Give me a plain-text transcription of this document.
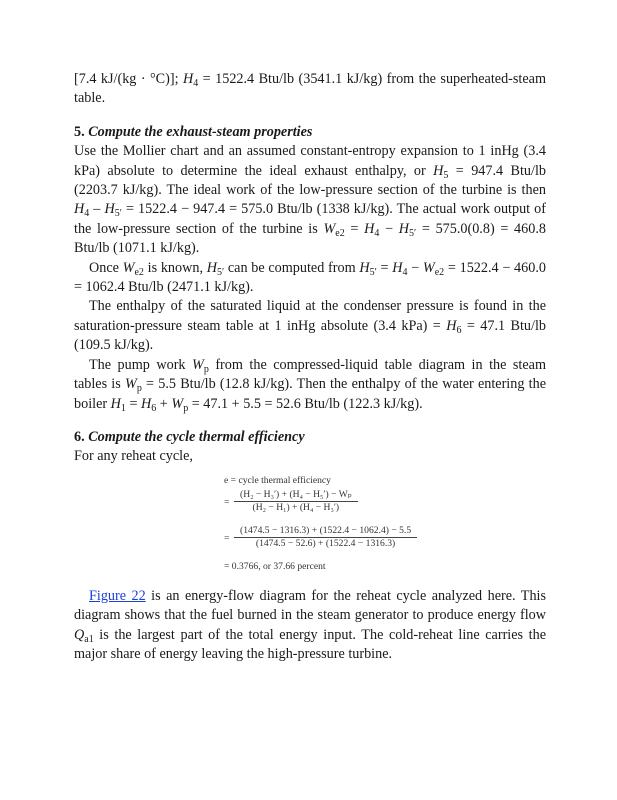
[7.4 kJ/(kg · °C)]; $H_4 = 1522.4$ Btu/lb (3541.1 kJ/kg) from the superheated-steam table.

5. Compute the exhaust-steam properties

Use the Mollier chart and an assumed constant-entropy expansion to 1 inHg (3.4 kPa) absolute to determine the ideal exhaust enthalpy, or $H_5 = 947.4$ Btu/lb (2203.7 kJ/kg). The ideal work of the low-pressure section of the turbine is then $H_4 - H_{5'} = 1522.4 - 947.4 = 575.0$ Btu/lb (1338 kJ/kg). The actual work output of the low-pressure section of the turbine is $W_{e2} = H_4 - H_{5'} = 575.0(0.8) = 460.8$ Btu/lb (1071.1 kJ/kg).

Once $W_{e2}$ is known, $H_{5'}$ can be computed from $H_{5'} = H_4 - W_{e2} = 1522.4 - 460.0 = 1062.4$ Btu/lb (2471.1 kJ/kg).

The enthalpy of the saturated liquid at the condenser pressure is found in the saturation-pressure steam table at 1 inHg absolute (3.4 $kPa) = H_6 = 47.1$ Btu/lb (109.5 kJ/kg).

The pump work $W_p$ from the compressed-liquid table diagram in the steam tables is $W_p = 5.5$ Btu/lb (12.8 kJ/kg). Then the enthalpy of the water entering the boiler $H_1 = H_6 + W_p = 47.1 + 5.5 = 52.6$ Btu/lb (122.3 kJ/kg).

6. Compute the cycle thermal efficiency

For any reheat cycle,

e = cycle thermal efficiency
= $\frac{\text{(H₂ − H₃′) + (H₄ − H₅′) − Wₚ}}{\text{(H₂ − H₁) + (H₄ − H₃′)}}$
= $\frac{(1474.5 - 1316.3) + (1522.4 - 1062.4) - 5.5}{(1474.5 - 52.6) + (1522.4 - 1316.3)}$
= 0.3766, or 37.66 percent

Figure 22 is an energy-flow diagram for the reheat cycle analyzed here. This diagram shows that the fuel burned in the steam generator to produce energy flow $Q_{a1}$ is the largest part of the total energy input. The cold-reheat line carries the major share of energy leaving the high-pressure turbine.
